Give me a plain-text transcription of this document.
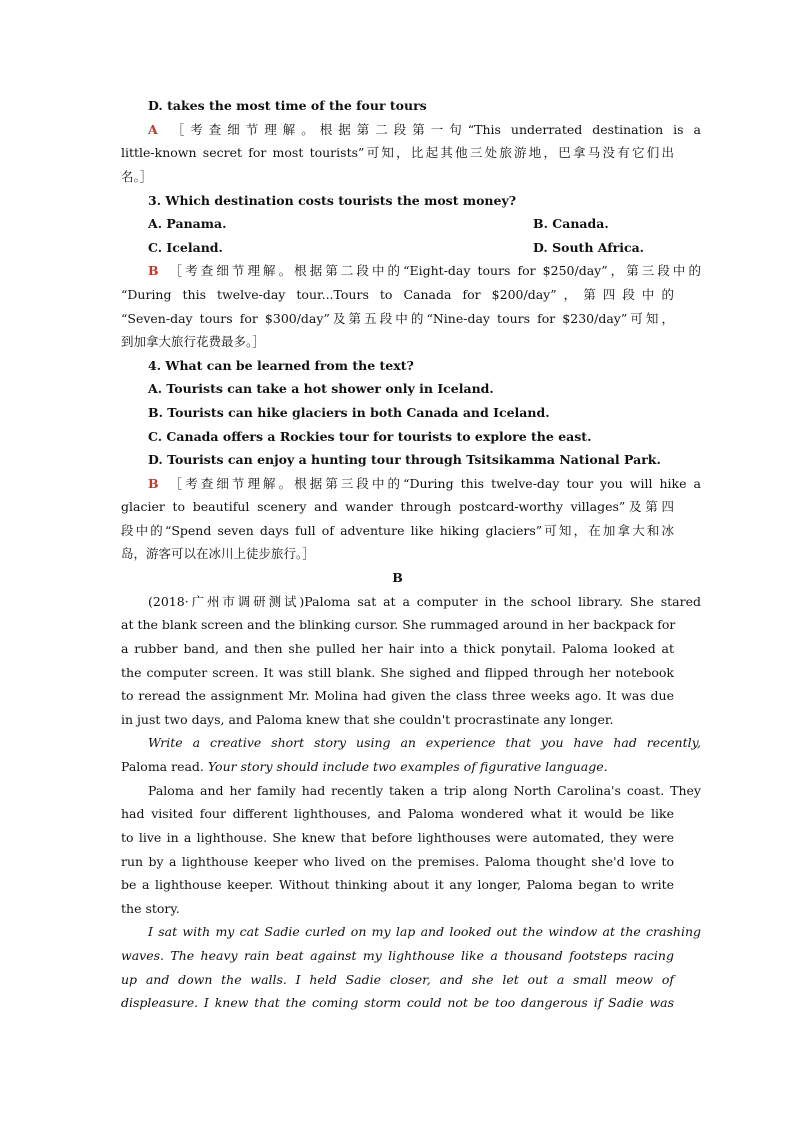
D. takes the most time of the four tours
A ［考查细节理解。根据第二段第一句“This underrated destination is a
little-known secret for most tourists”可知，比起其他三处旅游地，巴拿马没有它们出
名。］
3. Which destination costs tourists the most money?
A. Panama.	B. Canada.
C. Iceland.	D. South Africa.
B ［考查细节理解。根据第二段中的“Eight-day tours for $250/day”，第三段中的
“During this twelve-day tour...Tours to Canada for $200/day”，第四段中的
“Seven-day tours for $300/day”及第五段中的“Nine-day tours for $230/day”可知，
到加拿大旅行花费最多。］
4. What can be learned from the text?
A. Tourists can take a hot shower only in Iceland.
B. Tourists can hike glaciers in both Canada and Iceland.
C. Canada offers a Rockies tour for tourists to explore the east.
D. Tourists can enjoy a hunting tour through Tsitsikamma National Park.
B ［考查细节理解。根据第三段中的“During this twelve-day tour you will hike a
glacier to beautiful scenery and wander through postcard-worthy villages”及第四
段中的“Spend seven days full of adventure like hiking glaciers”可知，在加拿大和冰
岛，游客可以在冰川上徒步旅行。］
B
(2018·广州市调研测试)Paloma sat at a computer in the school library. She stared
at the blank screen and the blinking cursor. She rummaged around in her backpack for
a rubber band, and then she pulled her hair into a thick ponytail. Paloma looked at
the computer screen. It was still blank. She sighed and flipped through her notebook
to reread the assignment Mr. Molina had given the class three weeks ago. It was due
in just two days, and Paloma knew that she couldn't procrastinate any longer.
Write a creative short story using an experience that you have had recently,
Paloma read. Your story should include two examples of figurative language.
Paloma and her family had recently taken a trip along North Carolina's coast. They
had visited four different lighthouses, and Paloma wondered what it would be like
to live in a lighthouse. She knew that before lighthouses were automated, they were
run by a lighthouse keeper who lived on the premises. Paloma thought she'd love to
be a lighthouse keeper. Without thinking about it any longer, Paloma began to write
the story.
I sat with my cat Sadie curled on my lap and looked out the window at the crashing
waves. The heavy rain beat against my lighthouse like a thousand footsteps racing
up and down the walls. I held Sadie closer, and she let out a small meow of
displeasure. I knew that the coming storm could not be too dangerous if Sadie was
